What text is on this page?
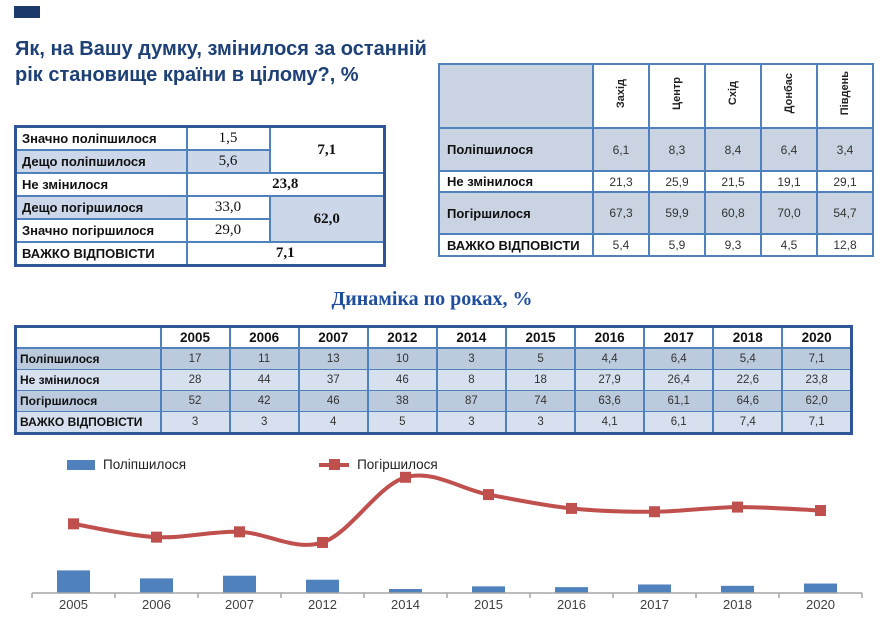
Як, на Вашу думку, змінилося за останній рік становище країни в цілому?, %
Значно поліпшилося	1,5	7,1
Дещо поліпшилося	5,6	
Не змінилося	23,8	
Дещо погіршилося	33,0	62,0
Значно погіршилося	29,0	
ВАЖКО ВІДПОВІСТИ	7,1	
	Захід	Центр	Схід	Донбас	Південь
Поліпшилося	6,1	8,3	8,4	6,4	3,4
Не змінилося	21,3	25,9	21,5	19,1	29,1
Погіршилося	67,3	59,9	60,8	70,0	54,7
ВАЖКО ВІДПОВІСТИ	5,4	5,9	9,3	4,5	12,8
Динаміка по роках, %
	2005	2006	2007	2012	2014	2015	2016	2017	2018	2020
Поліпшилося	17	11	13	10	3	5	4,4	6,4	5,4	7,1
Не змінилося	28	44	37	46	8	18	27,9	26,4	22,6	23,8
Погіршилося	52	42	46	38	87	74	63,6	61,1	64,6	62,0
ВАЖКО ВІДПОВІСТИ	3	3	4	5	3	3	4,1	6,1	7,4	7,1
2005	2006	2007	2012	2014	2015	2016	2017	2018	2020
Поліпшилося	Погіршилося
